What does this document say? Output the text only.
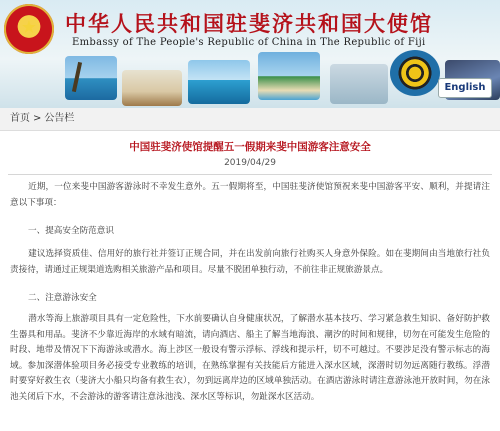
★	中华人民共和国驻斐济共和国大使馆
Embassy of The People's Republic of China in The Republic of Fiji
English
首页 > 公告栏
中国驻斐济使馆提醒五一假期来斐中国游客注意安全
2019/04/29
近期，一位来斐中国游客游泳时不幸发生意外。五一假期将至，中国驻斐济使馆预祝来斐中国游客平安、顺利，并提请注意以下事项：
一、提高安全防范意识
建议选择资质佳、信用好的旅行社并签订正规合同，并在出发前向旅行社购买人身意外保险。如在斐期间由当地旅行社负责接待，请通过正规渠道选购相关旅游产品和项目。尽量不脱团单独行动，不前往非正规旅游景点。
二、注意游泳安全
潜水等海上旅游项目具有一定危险性，下水前要确认自身健康状况，了解潜水基本技巧、学习紧急救生知识、备好防护救生器具和用品。斐济不少靠近海岸的水域有暗流，请向酒店、船主了解当地海浪、潮汐的时间和规律，切勿在可能发生危险的时段、地带及情况下下海游泳或潜水。海上涉区一般设有警示浮标、浮线和提示杆，切不可越过。不要涉足没有警示标志的海域。参加深潜体验项目务必接受专业教练的培训，在熟练掌握有关技能后方能进入深水区域，深潜时切勿远离随行教练。浮潜时要穿好救生衣（斐济大小船只均备有救生衣），勿到远离岸边的区域单独活动。在酒店游泳时请注意游泳池开放时间，勿在泳池关闭后下水，不会游泳的游客请注意泳池浅、深水区等标识，勿趾深水区活动。
